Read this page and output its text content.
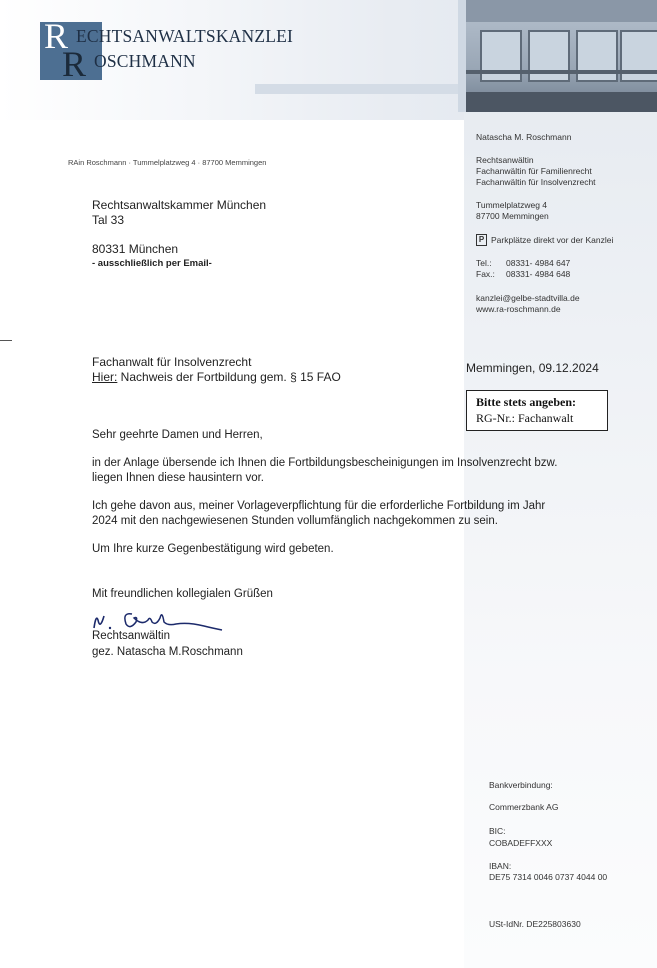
R
R
ECHTSANWALTSKANZLEI
OSCHMANN
RAin Roschmann · Tummelplatzweg 4 · 87700 Memmingen
Rechtsanwaltskammer München
Tal 33
80331 München
- ausschließlich per Email-
Natascha M. Roschmann
Rechtsanwältin
Fachanwältin für Familienrecht
Fachanwältin für Insolvenzrecht
Tummelplatzweg 4
87700 Memmingen
P Parkplätze direkt vor der Kanzlei
Tel.: 08331- 4984 647
Fax.: 08331- 4984 648
kanzlei@gelbe-stadtvilla.de
www.ra-roschmann.de
Fachanwalt für Insolvenzrecht
Hier: Nachweis der Fortbildung gem. § 15 FAO
Memmingen, 09.12.2024
Bitte stets angeben:
RG-Nr.: Fachanwalt
Sehr geehrte Damen und Herren,
in der Anlage übersende ich Ihnen die Fortbildungsbescheinigungen im Insolvenzrecht bzw.
liegen Ihnen diese hausintern vor.
Ich gehe davon aus, meiner Vorlageverpflichtung für die erforderliche Fortbildung im Jahr
2024 mit den nachgewiesenen Stunden vollumfänglich nachgekommen zu sein.
Um Ihre kurze Gegenbestätigung wird gebeten.
Mit freundlichen kollegialen Grüßen
Rechtsanwältin
gez. Natascha M.Roschmann
Bankverbindung:
Commerzbank AG
BIC:
COBADEFFXXX
IBAN:
DE75 7314 0046 0737 4044 00
USt-IdNr. DE225803630
